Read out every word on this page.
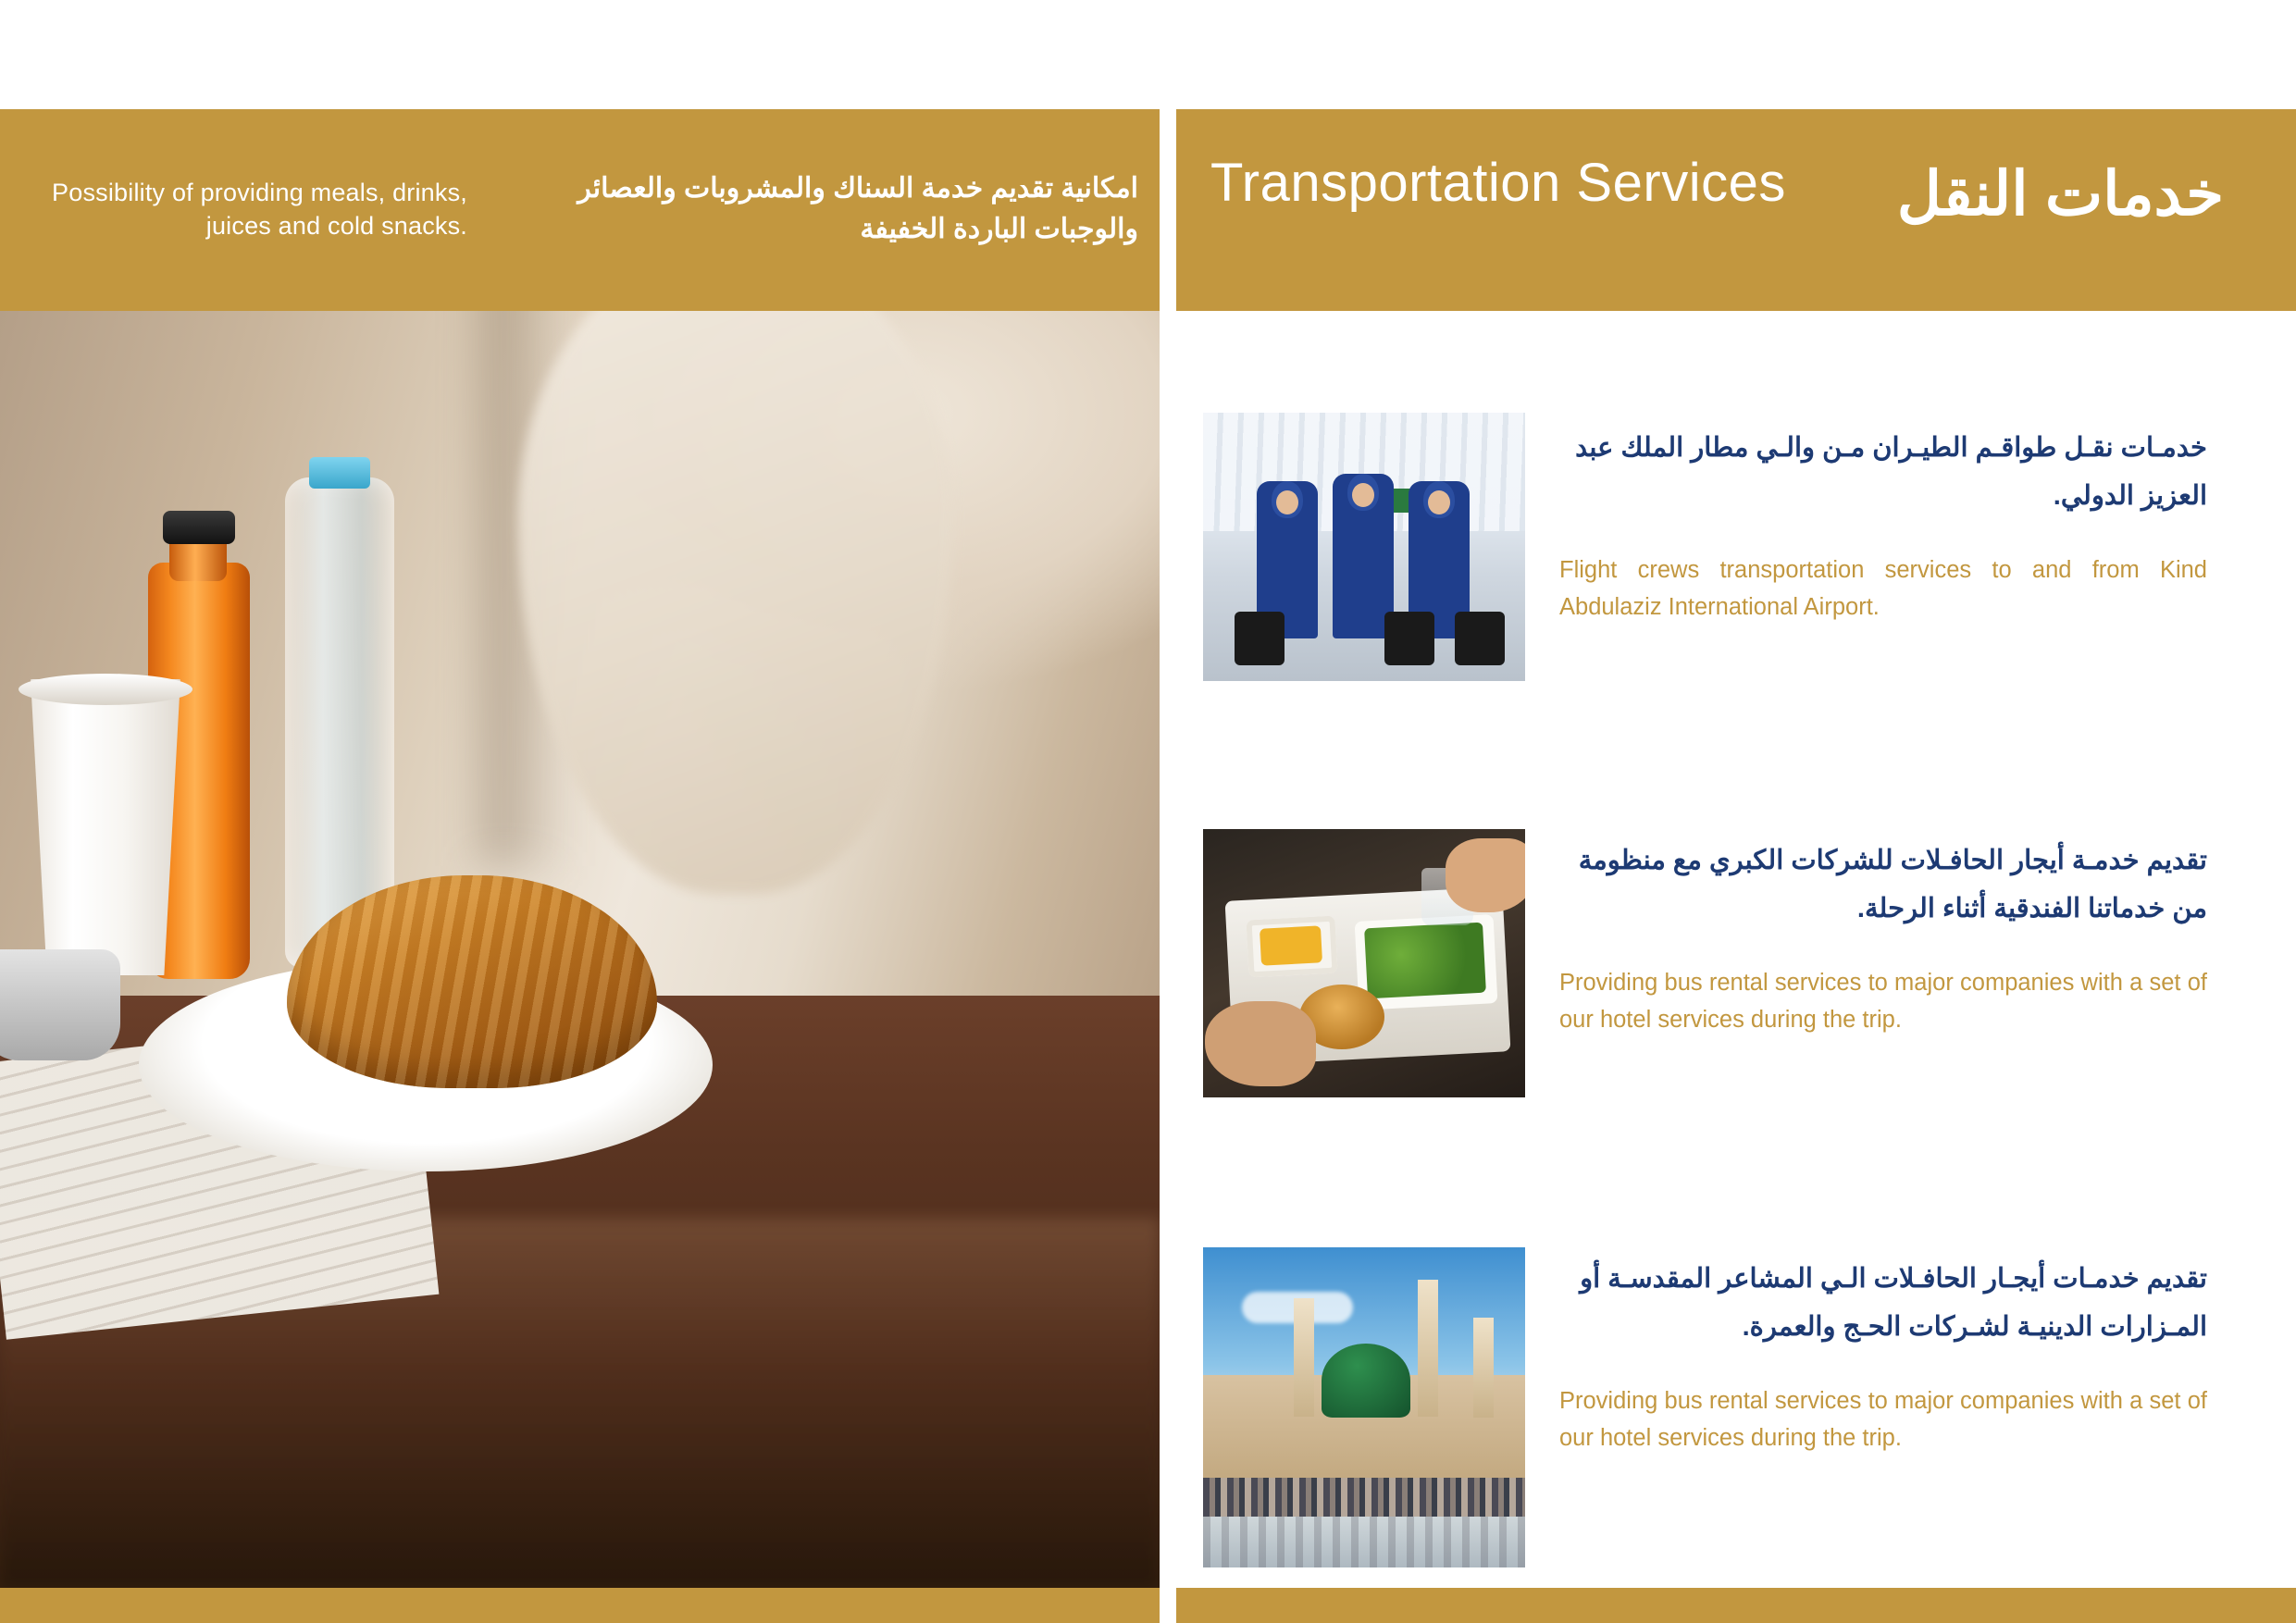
Possibility of providing meals, drinks, juices and cold snacks.
امكانية تقديم خدمة السناك والمشروبات والعصائر والوجبات الباردة الخفيفة
Transportation Services	خدمات النقل
خدمـات نقـل طواقـم الطيـران مـن والـي مطار الملك عبد العزيز الدولي.
Flight crews transportation services to and from Kind Abdulaziz International Airport.
تقديم خدمـة أيجار الحافـلات للشركات الكبري مع منظومة من خدماتنا الفندقية أثناء الرحلة.
Providing bus rental services to major companies with a set of our hotel services during the trip.
تقديم خدمـات أيجـار الحافـلات الـي المشاعر المقدسـة أو المـزارات الدينيـة لشـركات الحـج والعمرة.
Providing bus rental services to major companies with a set of our hotel services during the trip.
